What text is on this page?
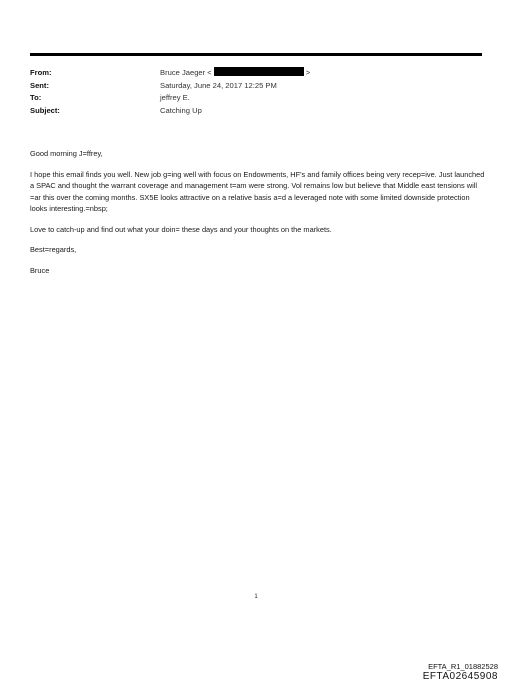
From:	Bruce Jaeger <	>
Sent:	Saturday, June 24, 2017 12:25 PM
To:	jeffrey E.
Subject:	Catching Up

Good morning J=ffrey,

I hope this email finds you well. New job g=ing well with focus on Endowments, HF's and family offices being very recep=ive. Just launched a SPAC and thought the warrant coverage and management t=am were strong. Vol remains low but believe that Middle east tensions will =ar this over the coming months. SX5E looks attractive on a relative basis a=d a leveraged note with some limited downside protection looks interesting.=nbsp;

Love to catch-up and find out what your doin= these days and your thoughts on the markets.

Best=regards,

Bruce

1
EFTA_R1_01882528
EFTA02645908
